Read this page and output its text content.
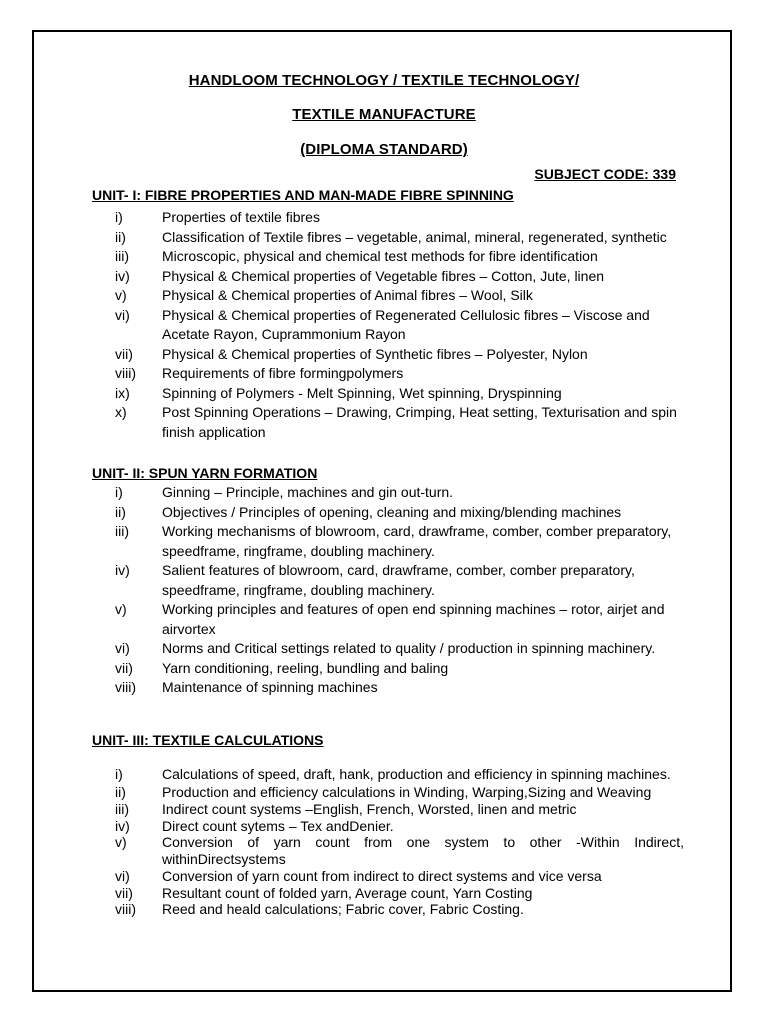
HANDLOOM TECHNOLOGY / TEXTILE TECHNOLOGY/
TEXTILE MANUFACTURE
(DIPLOMA STANDARD)
SUBJECT CODE: 339
UNIT- I: FIBRE PROPERTIES AND MAN-MADE FIBRE SPINNING
i)	Properties of textile fibres
ii)	Classification of Textile fibres – vegetable, animal, mineral, regenerated, synthetic
iii)	Microscopic, physical and chemical test methods for fibre identification
iv)	Physical & Chemical properties of Vegetable fibres – Cotton, Jute, linen
v)	Physical & Chemical properties of Animal fibres – Wool, Silk
vi)	Physical & Chemical properties of Regenerated Cellulosic fibres – Viscose and Acetate Rayon, Cuprammonium Rayon
vii)	Physical & Chemical properties of Synthetic fibres – Polyester, Nylon
viii)	Requirements of fibre formingpolymers
ix)	Spinning of Polymers - Melt Spinning, Wet spinning, Dryspinning
x)	Post Spinning Operations – Drawing, Crimping, Heat setting, Texturisation and spin finish application
UNIT- II: SPUN YARN FORMATION
i)	Ginning – Principle, machines and gin out-turn.
ii)	Objectives / Principles of opening, cleaning and mixing/blending machines
iii)	Working mechanisms of blowroom, card, drawframe, comber, comber preparatory, speedframe, ringframe, doubling machinery.
iv)	Salient features of blowroom, card, drawframe, comber, comber preparatory, speedframe, ringframe, doubling machinery.
v)	Working principles and features of open end spinning machines – rotor, airjet and airvortex
vi)	Norms and Critical settings related to quality / production in spinning machinery.
vii)	Yarn conditioning, reeling, bundling and baling
viii)	Maintenance of spinning machines
UNIT- III: TEXTILE CALCULATIONS
i)	Calculations of speed, draft, hank, production and efficiency in spinning machines.
ii)	Production and efficiency calculations in Winding, Warping,Sizing and Weaving
iii)	Indirect count systems –English, French, Worsted, linen and metric
iv)	Direct count sytems – Tex andDenier.
v)	Conversion of yarn count from one system to other -Within Indirect, withinDirectsystems
vi)	Conversion of yarn count from indirect to direct systems and vice versa
vii)	Resultant count of folded yarn, Average count, Yarn Costing
viii)	Reed and heald calculations; Fabric cover, Fabric Costing.
